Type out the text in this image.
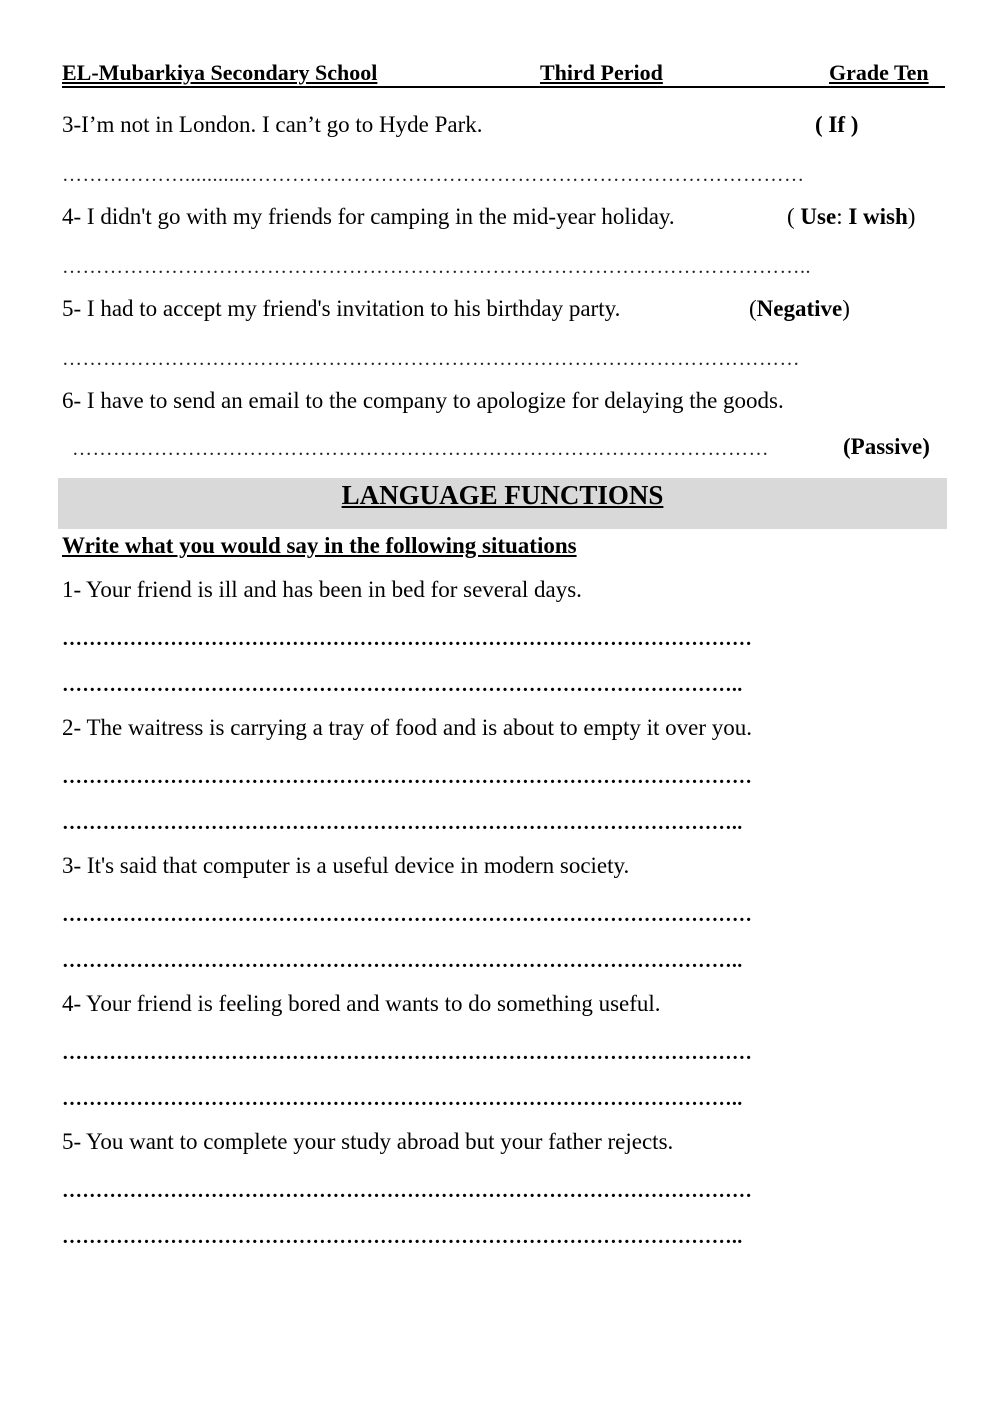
EL-Mubarkiya Secondary School	Third Period	Grade Ten
3-I’m not in London. I can’t go to Hyde Park.	( If )
………………............………………………………………………………………………
4- I didn't go with my friends for camping in the mid-year holiday.	( Use: I wish)
………………………………………………………………………………………………..
5- I had to accept my friend's invitation to his birthday party.	(Negative)
………………………………………………………………………………………………
6- I have to send an email to the company to apologize for delaying the goods.
…………………………………………………………………………………………	(Passive)
LANGUAGE FUNCTIONS
Write what you would say in the following situations
1- Your friend is ill and has been in bed for several days.
…………………………………………………………………………………………
………………………………………………………………………………………..
2- The waitress is carrying a tray of food and is about to empty it over you.
…………………………………………………………………………………………
………………………………………………………………………………………..
3- It's said that computer is a useful device in modern society.
…………………………………………………………………………………………
………………………………………………………………………………………..
4- Your friend is feeling bored and wants to do something useful.
…………………………………………………………………………………………
………………………………………………………………………………………..
5- You want to complete your study abroad but your father rejects.
…………………………………………………………………………………………
………………………………………………………………………………………..
